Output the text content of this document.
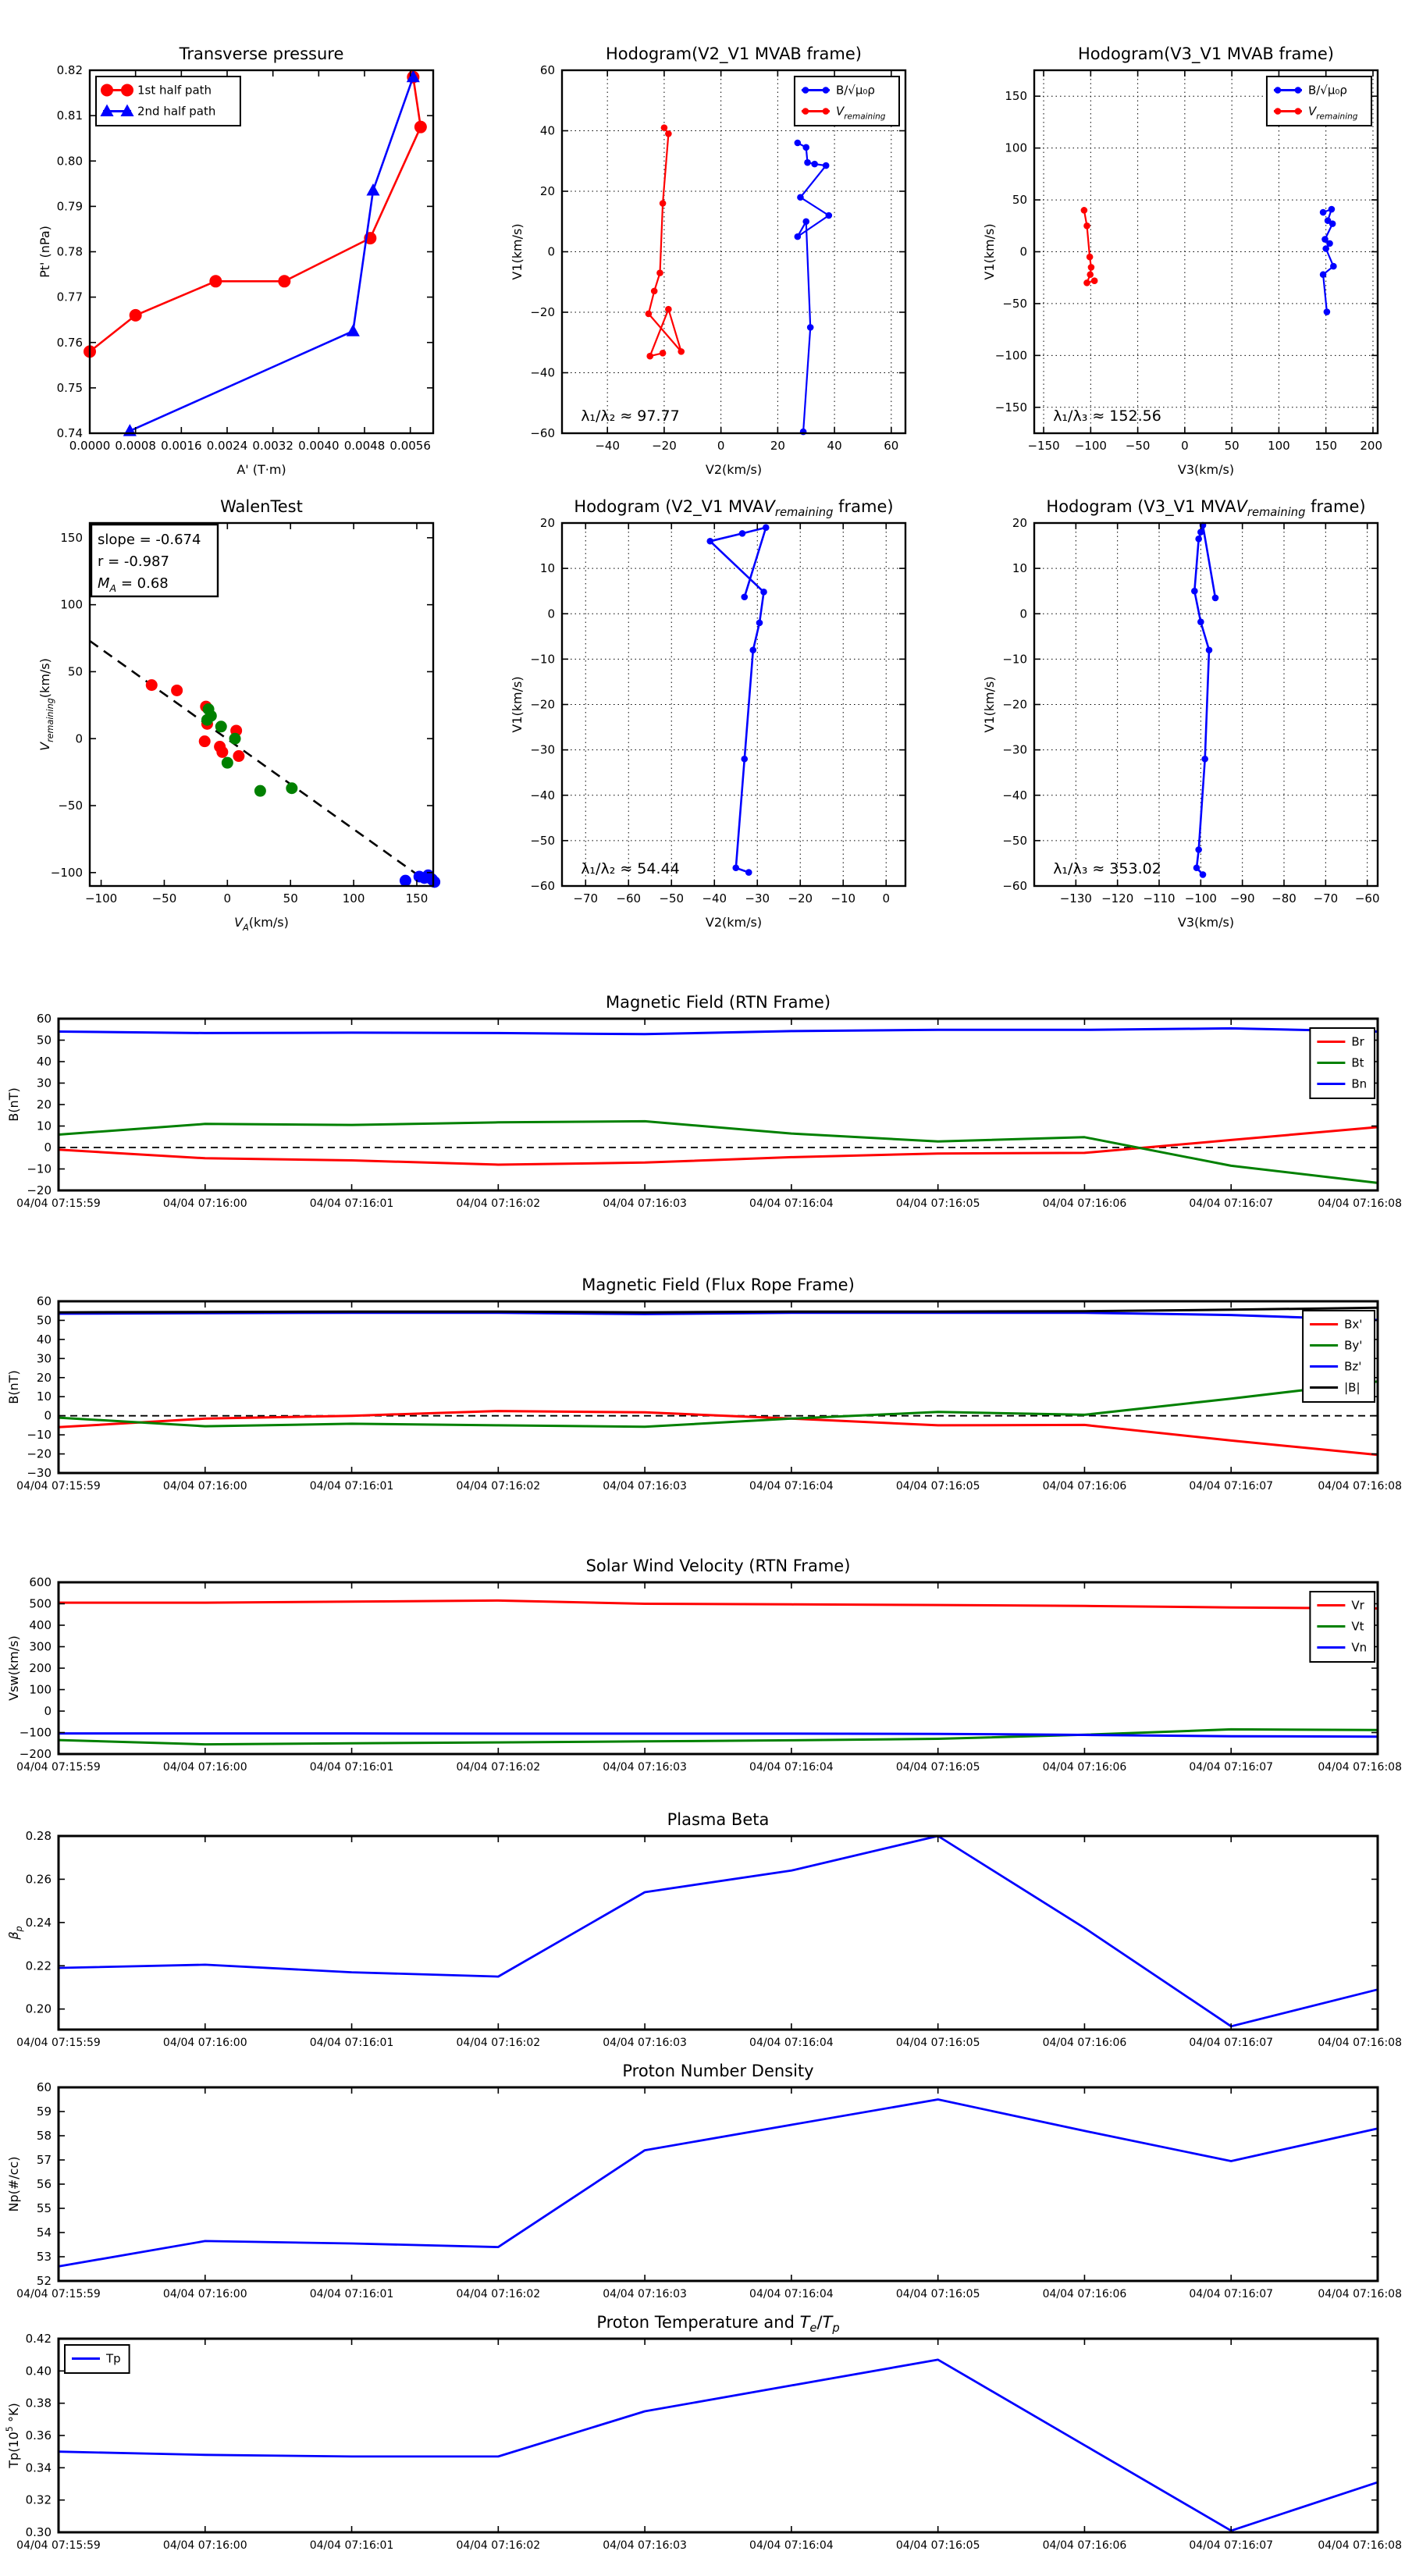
Transverse pressure
0.0000 0.0008 0.0016 0.0024 0.0032 0.0040 0.0048 0.0056
0.74
0.75
0.76
0.77
0.78
0.79
0.80
0.81
0.82
A' (T·m)
Pt' (nPa)
1st half path
2nd half path
Hodogram(V2_V1 MVAB frame)
−40	−20	0	20	40	60
−60
−40
−20
0
20
40
60
V2(km/s)
V1(km/s)
λ₁/λ₂ ≈ 97.77
B/√μ₀ρ
$V_{remaining}$
Hodogram(V3_V1 MVAB frame)
−150 −100 −50	0	50 100 150 200
−150
−100
−50
0
50
100
150
V3(km/s)
V1(km/s)
λ₁/λ₃ ≈ 152.56
B/√μ₀ρ
$V_{remaining}$
WalenTest
−100	−50	0	50	100	150
−100
−50
0
50
100
150
$V_A(km/s)$
$V_{remaining}(km/s)$
slope = -0.674
r = -0.987
$M_A = 0.68$
Hodogram (V2_V1 $MVAV_{remaining}$ frame)
−70 −60 −50 −40 −30 −20 −10 0
−60
−50
−40
−30
−20
−10
0
10
20
V2(km/s)
V1(km/s)
λ₁/λ₂ ≈ 54.44
Hodogram (V3_V1 $MVAV_{remaining}$ frame)
−130 −120 −110 −100 −90 −80 −70 −60
−60
−50
−40
−30
−20
−10
0
10
20
V3(km/s)
V1(km/s)
λ₁/λ₃ ≈ 353.02
Magnetic Field (RTN Frame)
04/04 07:15:59	04/04 07:16:00	04/04 07:16:01	04/04 07:16:02	04/04 07:16:03	04/04 07:16:04	04/04 07:16:05	04/04 07:16:06	04/04 07:16:07	04/04 07:16:08
−20
−10
0
10
20
30
40
50
60
B(nT)
Br
Bt
Bn
Magnetic Field (Flux Rope Frame)
04/04 07:15:59	04/04 07:16:00	04/04 07:16:01	04/04 07:16:02	04/04 07:16:03	04/04 07:16:04	04/04 07:16:05	04/04 07:16:06	04/04 07:16:07	04/04 07:16:08
−30
−20
−10
0
10
20
30
40
50
60
B(nT)
Bx'
By'
Bz'
|B|
Solar Wind Velocity (RTN Frame)
04/04 07:15:59	04/04 07:16:00	04/04 07:16:01	04/04 07:16:02	04/04 07:16:03	04/04 07:16:04	04/04 07:16:05	04/04 07:16:06	04/04 07:16:07	04/04 07:16:08
−200
−100
0
100
200
300
400
500
600
Vsw(km/s)
Vr
Vt
Vn
Plasma Beta
04/04 07:15:59	04/04 07:16:00	04/04 07:16:01	04/04 07:16:02	04/04 07:16:03	04/04 07:16:04	04/04 07:16:05	04/04 07:16:06	04/04 07:16:07	04/04 07:16:08
0.20
0.22
0.24
0.26
0.28
$\beta_p$
Proton Number Density
04/04 07:15:59	04/04 07:16:00	04/04 07:16:01	04/04 07:16:02	04/04 07:16:03	04/04 07:16:04	04/04 07:16:05	04/04 07:16:06	04/04 07:16:07	04/04 07:16:08
52
53
54
55
56
57
58
59
60
Np(#/cc)
Proton Temperature and $T_e/T_p$
04/04 07:15:59	04/04 07:16:00	04/04 07:16:01	04/04 07:16:02	04/04 07:16:03	04/04 07:16:04	04/04 07:16:05	04/04 07:16:06	04/04 07:16:07	04/04 07:16:08
0.30
0.32
0.34
0.36
0.38
0.40
0.42
$Tp(10^5$ °K)
Tp
